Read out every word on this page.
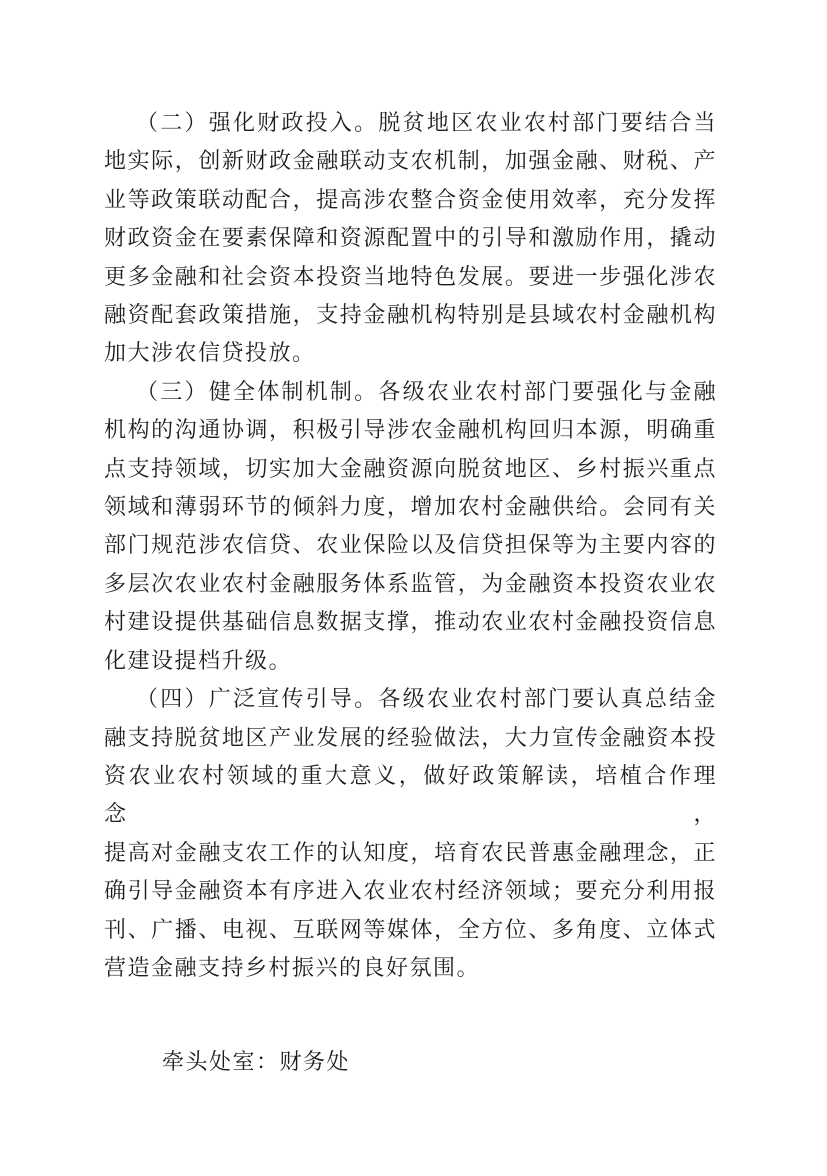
（二）强化财政投入。脱贫地区农业农村部门要结合当
地实际，创新财政金融联动支农机制，加强金融、财税、产
业等政策联动配合，提高涉农整合资金使用效率，充分发挥
财政资金在要素保障和资源配置中的引导和激励作用，撬动
更多金融和社会资本投资当地特色发展。要进一步强化涉农
融资配套政策措施，支持金融机构特别是县域农村金融机构
加大涉农信贷投放。
（三）健全体制机制。各级农业农村部门要强化与金融
机构的沟通协调，积极引导涉农金融机构回归本源，明确重
点支持领域，切实加大金融资源向脱贫地区、乡村振兴重点
领域和薄弱环节的倾斜力度，增加农村金融供给。会同有关
部门规范涉农信贷、农业保险以及信贷担保等为主要内容的
多层次农业农村金融服务体系监管，为金融资本投资农业农
村建设提供基础信息数据支撑，推动农业农村金融投资信息
化建设提档升级。
（四）广泛宣传引导。各级农业农村部门要认真总结金
融支持脱贫地区产业发展的经验做法，大力宣传金融资本投
资农业农村领域的重大意义，做好政策解读，培植合作理念，
提高对金融支农工作的认知度，培育农民普惠金融理念，正
确引导金融资本有序进入农业农村经济领域；要充分利用报
刊、广播、电视、互联网等媒体，全方位、多角度、立体式
营造金融支持乡村振兴的良好氛围。
牵头处室：财务处
